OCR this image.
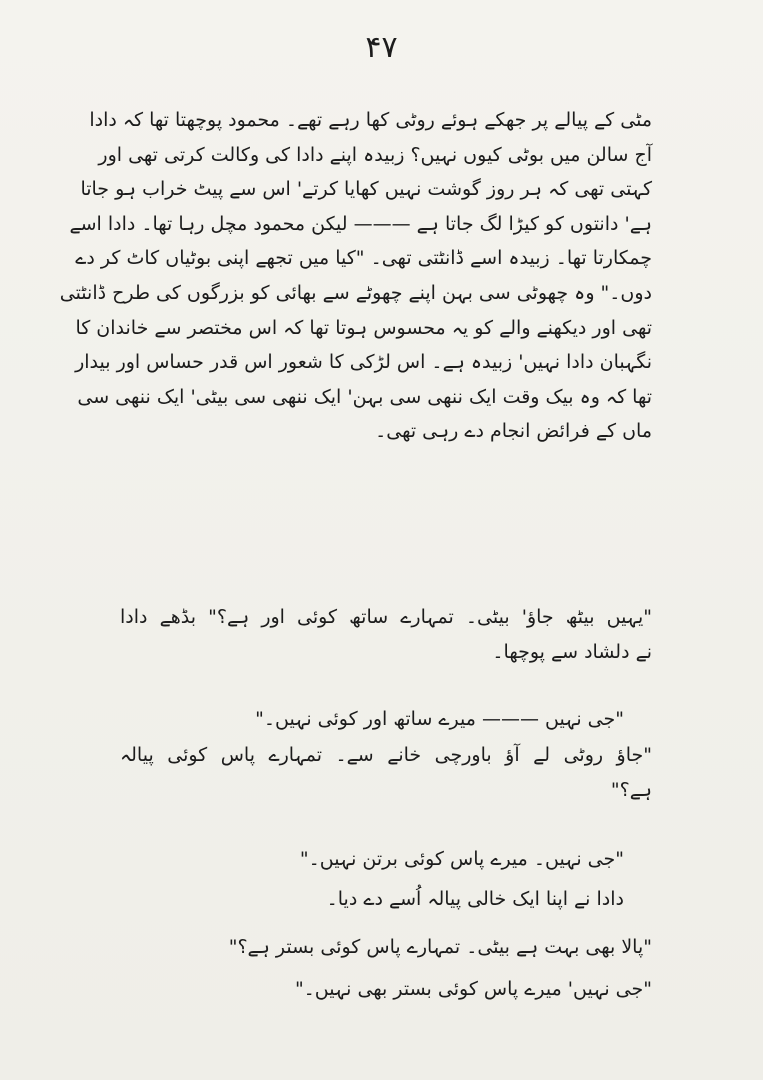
۴۷
مٹی کے پیالے پر جھکے ہوئے روٹی کھا رہے تھے۔ محمود پوچھتا تھا کہ دادا
آج سالن میں بوٹی کیوں نہیں؟ زبیدہ اپنے دادا کی وکالت کرتی تھی اور
کہتی تھی کہ ہر روز گوشت نہیں کھایا کرتے' اس سے پیٹ خراب ہو جاتا
ہے' دانتوں کو کیڑا لگ جاتا ہے ——— لیکن محمود مچل رہا تھا۔ دادا اسے
چمکارتا تھا۔ زبیدہ اسے ڈانٹتی تھی۔ "کیا میں تجھے اپنی بوٹیاں کاٹ کر دے
دوں۔" وہ چھوٹی سی بہن اپنے چھوٹے سے بھائی کو بزرگوں کی طرح ڈانٹتی
تھی اور دیکھنے والے کو یہ محسوس ہوتا تھا کہ اس مختصر سے خاندان کا
نگہبان دادا نہیں' زبیدہ ہے۔ اس لڑکی کا شعور اس قدر حساس اور بیدار
تھا کہ وہ بیک وقت ایک ننھی سی بہن' ایک ننھی سی بیٹی' ایک ننھی سی
ماں کے فرائض انجام دے رہی تھی۔
"یہیں بیٹھ جاؤ' بیٹی۔ تمہارے ساتھ کوئی اور ہے؟" بڈھے دادا
نے دلشاد سے پوچھا۔
"جی نہیں ——— میرے ساتھ اور کوئی نہیں۔"
"جاؤ روٹی لے آؤ باورچی خانے سے۔ تمہارے پاس کوئی پیالہ
ہے؟"
"جی نہیں۔ میرے پاس کوئی برتن نہیں۔"
دادا نے اپنا ایک خالی پیالہ اُسے دے دیا۔
"پالا بھی بہت ہے بیٹی۔ تمہارے پاس کوئی بستر ہے؟"
"جی نہیں' میرے پاس کوئی بستر بھی نہیں۔"
